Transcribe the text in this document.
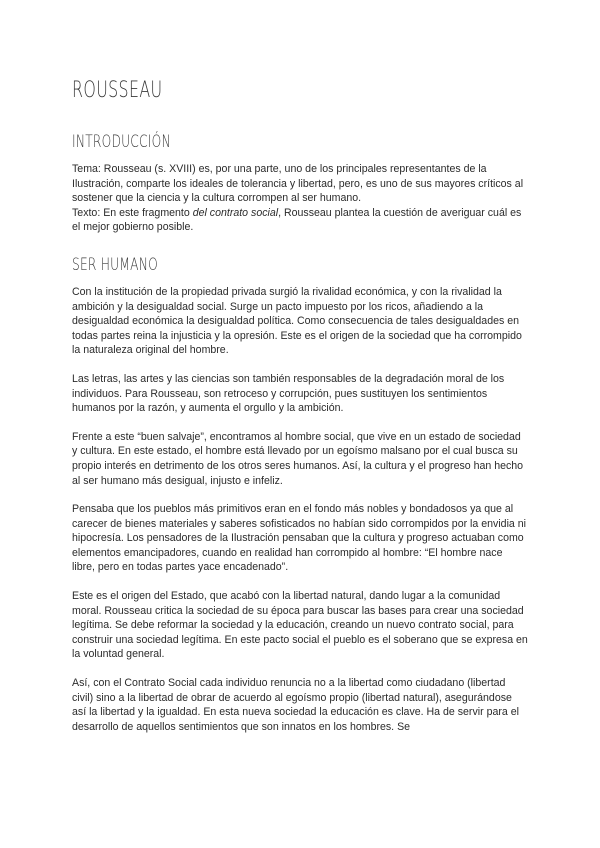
ROUSSEAU
INTRODUCCIÓN

Tema: Rousseau (s. XVIII) es, por una parte, uno de los principales representantes de la Ilustración, comparte los ideales de tolerancia y libertad, pero, es uno de sus mayores críticos al sostener que la ciencia y la cultura corrompen al ser humano.

Texto: En este fragmento del contrato social, Rousseau plantea la cuestión de averiguar cuál es el mejor gobierno posible.

SER HUMANO

Con la institución de la propiedad privada surgió la rivalidad económica, y con la rivalidad la ambición y la desigualdad social. Surge un pacto impuesto por los ricos, añadiendo a la desigualdad económica la desigualdad política. Como consecuencia de tales desigualdades en todas partes reina la injusticia y la opresión. Este es el origen de la sociedad que ha corrompido la naturaleza original del hombre.

Las letras, las artes y las ciencias son también responsables de la degradación moral de los individuos. Para Rousseau, son retroceso y corrupción, pues sustituyen los sentimientos humanos por la razón, y aumenta el orgullo y la ambición.

Frente a este “buen salvaje”, encontramos al hombre social, que vive en un estado de sociedad y cultura. En este estado, el hombre está llevado por un egoísmo malsano por el cual busca su propio interés en detrimento de los otros seres humanos. Así, la cultura y el progreso han hecho al ser humano más desigual, injusto e infeliz.

Pensaba que los pueblos más primitivos eran en el fondo más nobles y bondadosos ya que al carecer de bienes materiales y saberes sofisticados no habían sido corrompidos por la envidia ni hipocresía. Los pensadores de la Ilustración pensaban que la cultura y progreso actuaban como elementos emancipadores, cuando en realidad han corrompido al hombre: “El hombre nace libre, pero en todas partes yace encadenado”.

Este es el origen del Estado, que acabó con la libertad natural, dando lugar a la comunidad moral. Rousseau critica la sociedad de su época para buscar las bases para crear una sociedad legítima. Se debe reformar la sociedad y la educación, creando un nuevo contrato social, para construir una sociedad legítima. En este pacto social el pueblo es el soberano que se expresa en la voluntad general.

Así, con el Contrato Social cada individuo renuncia no a la libertad como ciudadano (libertad civil) sino a la libertad de obrar de acuerdo al egoísmo propio (libertad natural), asegurándose así la libertad y la igualdad. En esta nueva sociedad la educación es clave. Ha de servir para el desarrollo de aquellos sentimientos que son innatos en los hombres. Se
